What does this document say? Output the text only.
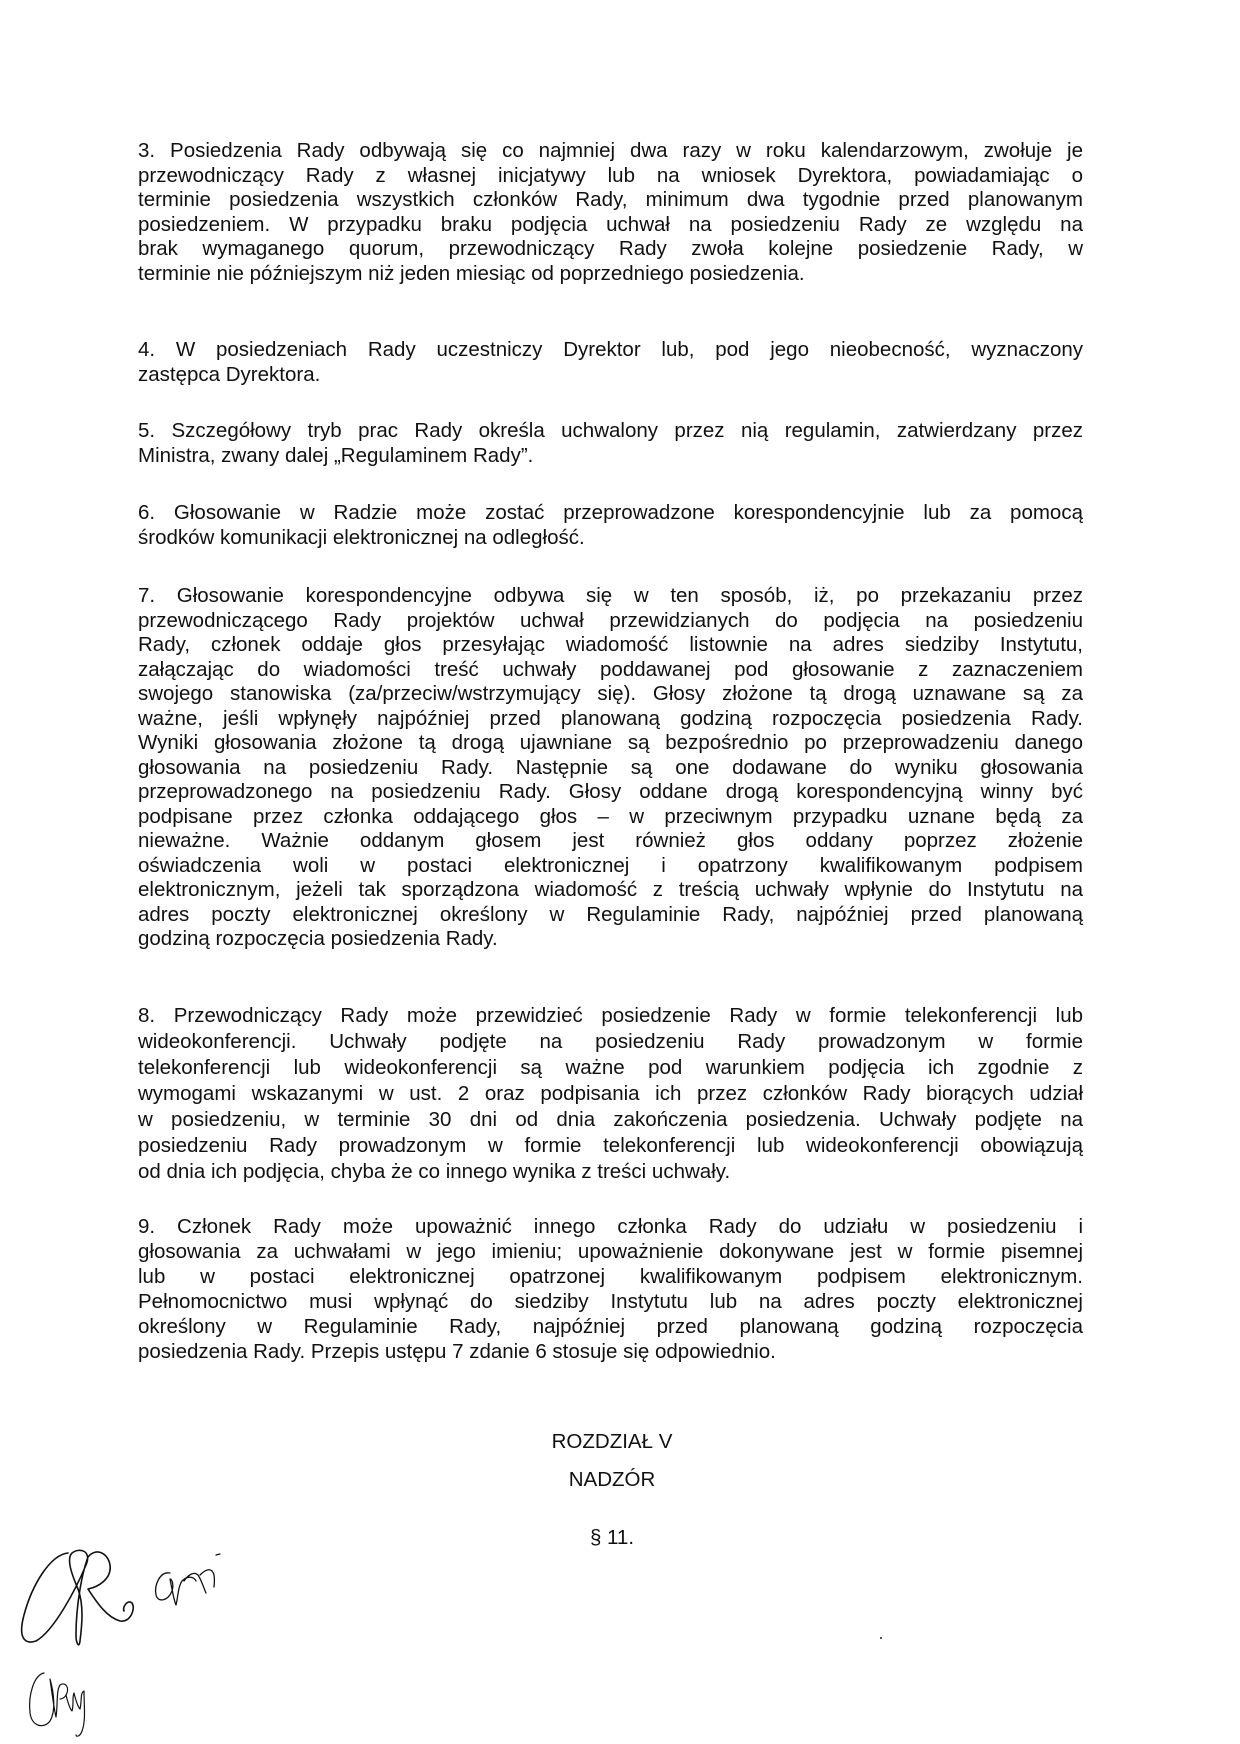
3. Posiedzenia Rady odbywają się co najmniej dwa razy w roku kalendarzowym, zwołuje je
przewodniczący Rady z własnej inicjatywy lub na wniosek Dyrektora, powiadamiając o
terminie posiedzenia wszystkich członków Rady, minimum dwa tygodnie przed planowanym
posiedzeniem. W przypadku braku podjęcia uchwał na posiedzeniu Rady ze względu na
brak wymaganego quorum, przewodniczący Rady zwoła kolejne posiedzenie Rady, w
terminie nie późniejszym niż jeden miesiąc od poprzedniego posiedzenia.
4. W posiedzeniach Rady uczestniczy Dyrektor lub, pod jego nieobecność, wyznaczony
zastępca Dyrektora.
5. Szczegółowy tryb prac Rady określa uchwalony przez nią regulamin, zatwierdzany przez
Ministra, zwany dalej „Regulaminem Rady”.
6. Głosowanie w Radzie może zostać przeprowadzone korespondencyjnie lub za pomocą
środków komunikacji elektronicznej na odległość.
7. Głosowanie korespondencyjne odbywa się w ten sposób, iż, po przekazaniu przez
przewodniczącego Rady projektów uchwał przewidzianych do podjęcia na posiedzeniu
Rady, członek oddaje głos przesyłając wiadomość listownie na adres siedziby Instytutu,
załączając do wiadomości treść uchwały poddawanej pod głosowanie z zaznaczeniem
swojego stanowiska (za/przeciw/wstrzymujący się). Głosy złożone tą drogą uznawane są za
ważne, jeśli wpłynęły najpóźniej przed planowaną godziną rozpoczęcia posiedzenia Rady.
Wyniki głosowania złożone tą drogą ujawniane są bezpośrednio po przeprowadzeniu danego
głosowania na posiedzeniu Rady. Następnie są one dodawane do wyniku głosowania
przeprowadzonego na posiedzeniu Rady. Głosy oddane drogą korespondencyjną winny być
podpisane przez członka oddającego głos – w przeciwnym przypadku uznane będą za
nieważne. Ważnie oddanym głosem jest również głos oddany poprzez złożenie
oświadczenia woli w postaci elektronicznej i opatrzony kwalifikowanym podpisem
elektronicznym, jeżeli tak sporządzona wiadomość z treścią uchwały wpłynie do Instytutu na
adres poczty elektronicznej określony w Regulaminie Rady, najpóźniej przed planowaną
godziną rozpoczęcia posiedzenia Rady.
8. Przewodniczący Rady może przewidzieć posiedzenie Rady w formie telekonferencji lub
wideokonferencji. Uchwały podjęte na posiedzeniu Rady prowadzonym w formie
telekonferencji lub wideokonferencji są ważne pod warunkiem podjęcia ich zgodnie z
wymogami wskazanymi w ust. 2 oraz podpisania ich przez członków Rady biorących udział
w posiedzeniu, w terminie 30 dni od dnia zakończenia posiedzenia. Uchwały podjęte na
posiedzeniu Rady prowadzonym w formie telekonferencji lub wideokonferencji obowiązują
od dnia ich podjęcia, chyba że co innego wynika z treści uchwały.
9. Członek Rady może upoważnić innego członka Rady do udziału w posiedzeniu i
głosowania za uchwałami w jego imieniu; upoważnienie dokonywane jest w formie pisemnej
lub w postaci elektronicznej opatrzonej kwalifikowanym podpisem elektronicznym.
Pełnomocnictwo musi wpłynąć do siedziby Instytutu lub na adres poczty elektronicznej
określony w Regulaminie Rady, najpóźniej przed planowaną godziną rozpoczęcia
posiedzenia Rady. Przepis ustępu 7 zdanie 6 stosuje się odpowiednio.
ROZDZIAŁ V
NADZÓR
§ 11.
